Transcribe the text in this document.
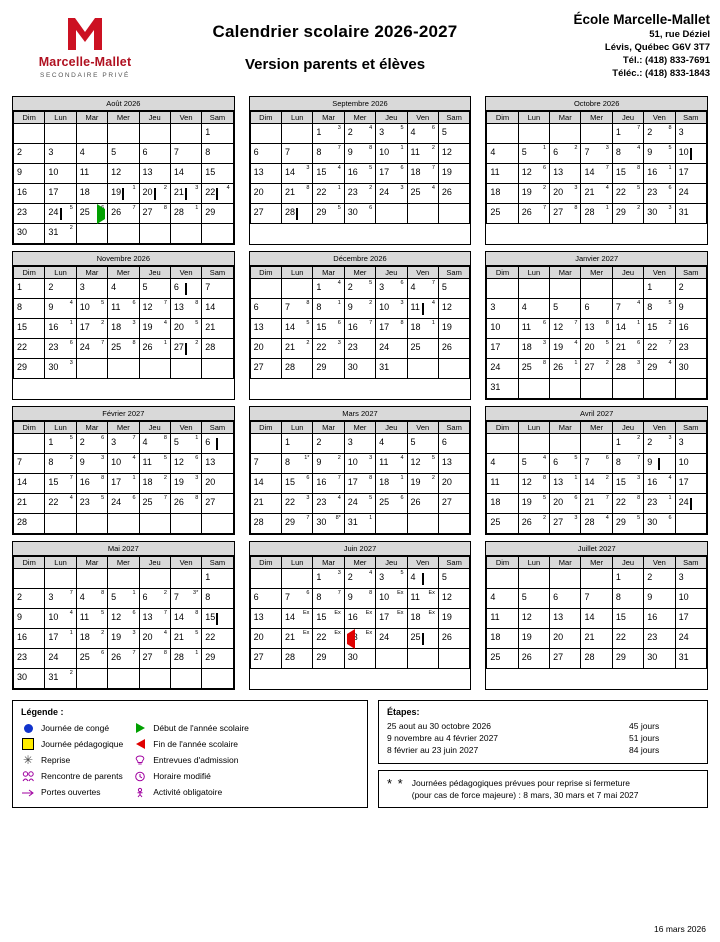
Marcelle-Mallet
SECONDAIRE PRIVÉ
Calendrier scolaire 2026-2027
Version parents et élèves
École Marcelle-Mallet
51, rue Déziel
Lévis, Québec G6V 3T7
Tél.: (418) 833-7691
Téléc.: (418) 833-1843
Août 2026
Dim	Lun	Mar	Mer	Jeu	Ven	Sam

						1

2	3	4	5	6	7	8

9	10	11	12	13	14	15

16	17	18	19 1	20 2	21 3	22 4

23	24 5	25 6	26 7	27 8	28 1	29

30	31 2					

Septembre 2026
Dim	Lun	Mar	Mer	Jeu	Ven	Sam

		1 3	2 4	3 5	4 6	5

6	7	8 7	9 8	10 1	11 2	12

13	14 3	15 4	16 5	17 6	18 7	19

20	21 8	22 1	23 2	24 3	25 4	26

27	28	29 5	30 6			

Octobre 2026
Dim	Lun	Mar	Mer	Jeu	Ven	Sam

				1 7	2 8	3

4	5 1	6 2	7 3	8 4	9 5	10

11	12 6	13	14 7	15 8	16 1	17

18	19 2	20 3	21 4	22 5	23 6	24

25	26 7	27 8	28 1	29 2	30 3	31
Novembre 2026
Dim	Lun	Mar	Mer	Jeu	Ven	Sam

1	2	3	4	5	6	7

8	9 4	10 5	11 6	12 7	13 8	14

15	16 1	17 2	18 3	19 4	20 5	21

22	23 6	24 7	25 8	26 1	27 2	28

29	30 3					

Décembre 2026
Dim	Lun	Mar	Mer	Jeu	Ven	Sam

		1 4	2 5	3 6	4 7	5

6	7 8	8 1	9 2	10 3	11 4	12

13	14 5	15 6	16 7	17 8	18 1	19

20	21 2	22 3	23	24	25	26

27	28	29	30	31		

Janvier 2027
Dim	Lun	Mar	Mer	Jeu	Ven	Sam

					1	2

3	4	5	6	7 4	8 5	9

10	11 6	12 7	13 8	14 1	15 2	16

17	18 3	19 4	20 5	21 6	22 7	23

24	25 8	26 1	27 2	28 3	29 4	30

31						

Février 2027
Dim	Lun	Mar	Mer	Jeu	Ven	Sam

	1 5	2 6	3 7	4 8	5 1	6

7	8 2	9 3	10 4	11 5	12 6	13

14	15 7	16 8	17 1	18 2	19 3	20

21	22 4	23 5	24 6	25 7	26 8	27

28						

Mars 2027
Dim	Lun	Mar	Mer	Jeu	Ven	Sam

	1	2	3	4	5	6

7	8 1*	9 2	10 3	11 4	12 5	13

14	15 6	16 7	17 8	18 1	19 2	20

21	22 3	23 4	24 5	25 6	26	27

28	29 7	30 8*	31 1			

Avril 2027
Dim	Lun	Mar	Mer	Jeu	Ven	Sam

				1 2	2 3	3

4	5 4	6 5	7 6	8 7	9	10

11	12 8	13 1	14 2	15 3	16 4	17

18	19 5	20 6	21 7	22 8	23 1	24

25	26 2	27 3	28 4	29 5	30 6	

Mai 2027
Dim	Lun	Mar	Mer	Jeu	Ven	Sam

						1

2	3 7	4 8	5 1	6 2	7 3*	8

9	10 4	11 5	12 6	13 7	14 8	15

16	17 1	18 2	19 3	20 4	21 5	22

23	24	25 6	26 7	27 8	28 1	29

30	31 2					

Juin 2027
Dim	Lun	Mar	Mer	Jeu	Ven	Sam

		1 3	2 4	3 5	4	5

6	7 6	8 7	9 8	10 Ex	11 Ex	12

13	14 Ex	15 Ex	16 Ex	17 Ex	18 Ex	19

20	21 Ex	22 Ex	23 Ex	24	25	26

27	28	29	30			

Juillet 2027
Dim	Lun	Mar	Mer	Jeu	Ven	Sam

				1	2	3

4	5	6	7	8	9	10

11	12	13	14	15	16	17

18	19	20	21	22	23	24

25	26	27	28	29	30	31
Légende :
Journée de congé
Journée pédagogique
✳ Reprise
Rencontre de parents
Portes ouvertes
Début de l'année scolaire
Fin de l'année scolaire
Entrevues d'admission
Horaire modifié
Activité obligatoire
Étapes:
25 aout au 30 octobre 2026	45 jours
9 novembre au 4 février 2027	51 jours
8 février au 23 juin 2027	84 jours
* * Journées pédagogiques prévues pour reprise si fermeture
(pour cas de force majeure) : 8 mars, 30 mars et 7 mai 2027
16 mars 2026
